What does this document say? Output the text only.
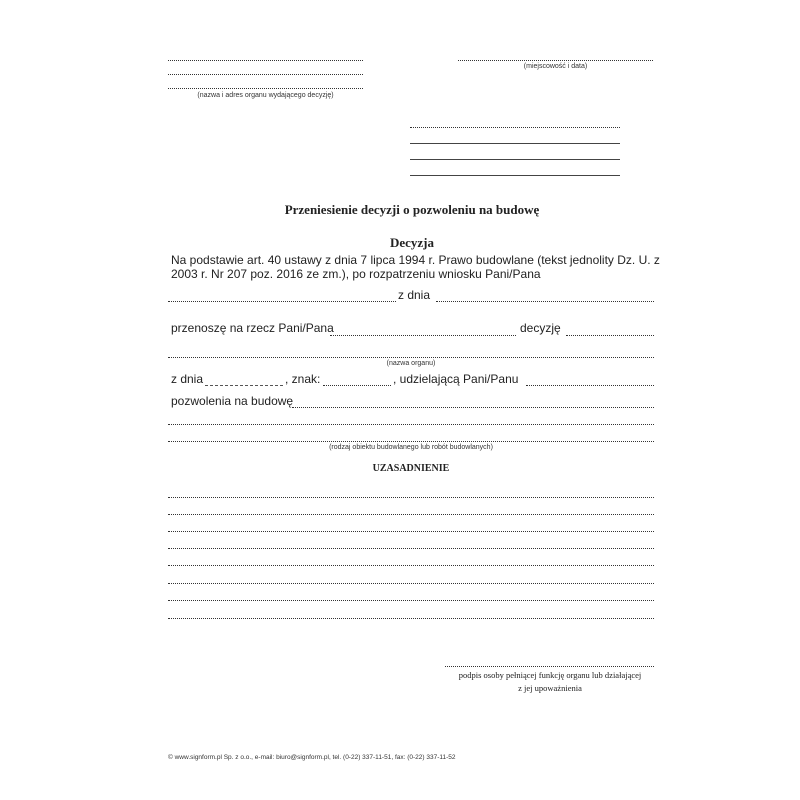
(nazwa i adres organu wydającego decyzję)
(miejscowość i data)
Przeniesienie decyzji o pozwoleniu na budowę
Decyzja
Na podstawie art. 40 ustawy z dnia 7 lipca 1994 r. Prawo budowlane (tekst jednolity Dz. U. z
2003 r. Nr 207 poz. 2016 ze zm.), po rozpatrzeniu wniosku Pani/Pana
z dnia
przenoszę na rzecz Pani/Pana	decyzję
(nazwa organu)
z dnia	, znak:	, udzielającą Pani/Panu
pozwolenia na budowę
(rodzaj obiektu budowlanego lub robót budowlanych)
UZASADNIENIE
podpis osoby pełniącej funkcję organu lub działającej
z jej upoważnienia
© www.signform.pl Sp. z o.o., e-mail: biuro@signform.pl, tel. (0-22) 337-11-51, fax: (0-22) 337-11-52
